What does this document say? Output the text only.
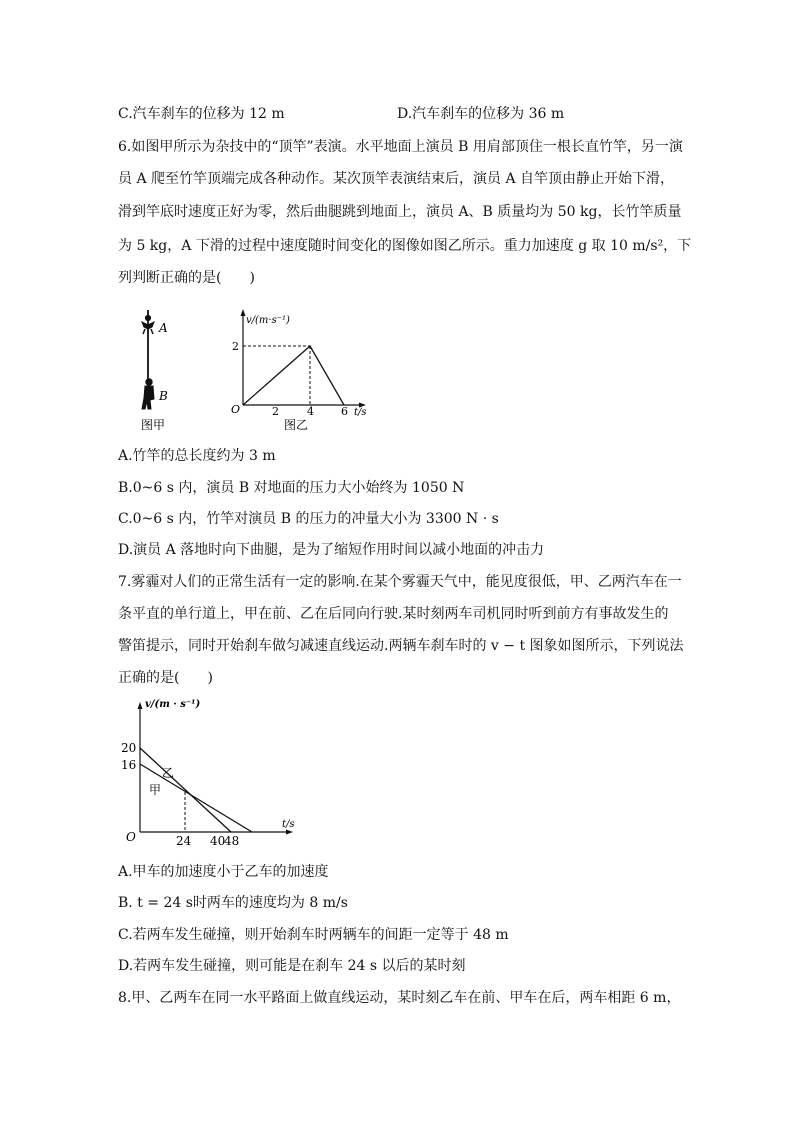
C.汽车刹车的位移为 12 m	D.汽车刹车的位移为 36 m
6.如图甲所示为杂技中的“顶竿”表演。水平地面上演员 B 用肩部顶住一根长直竹竿，另一演
员 A 爬至竹竿顶端完成各种动作。某次顶竿表演结束后，演员 A 自竿顶由静止开始下滑，
滑到竿底时速度正好为零，然后曲腿跳到地面上，演员 A、B 质量均为 50 kg，长竹竿质量
为 5 kg，A 下滑的过程中速度随时间变化的图像如图乙所示。重力加速度 g 取 10 m/s²，下
列判断正确的是(　　)
A
B
图甲
v/(m·s⁻¹)
t/s
O
2
2	4 6
图乙
A.竹竿的总长度约为 3 m
B.0~6 s 内，演员 B 对地面的压力大小始终为 1050 N
C.0~6 s 内，竹竿对演员 B 的压力的冲量大小为 3300 N · s
D.演员 A 落地时向下曲腿，是为了缩短作用时间以减小地面的冲击力
7.雾霾对人们的正常生活有一定的影响.在某个雾霾天气中，能见度很低，甲、乙两汽车在一
条平直的单行道上，甲在前、乙在后同向行驶.某时刻两车司机同时听到前方有事故发生的
警笛提示，同时开始刹车做匀减速直线运动.两辆车刹车时的 v − t 图象如图所示，下列说法
正确的是(　　)
v/(m · s⁻¹)
t/s
O
20
16
乙
甲
24 40
48
A.甲车的加速度小于乙车的加速度
B. t = 24 s时两车的速度均为 8 m/s
C.若两车发生碰撞，则开始刹车时两辆车的间距一定等于 48 m
D.若两车发生碰撞，则可能是在刹车 24 s 以后的某时刻
8.甲、乙两车在同一水平路面上做直线运动，某时刻乙车在前、甲车在后，两车相距 6 m，
